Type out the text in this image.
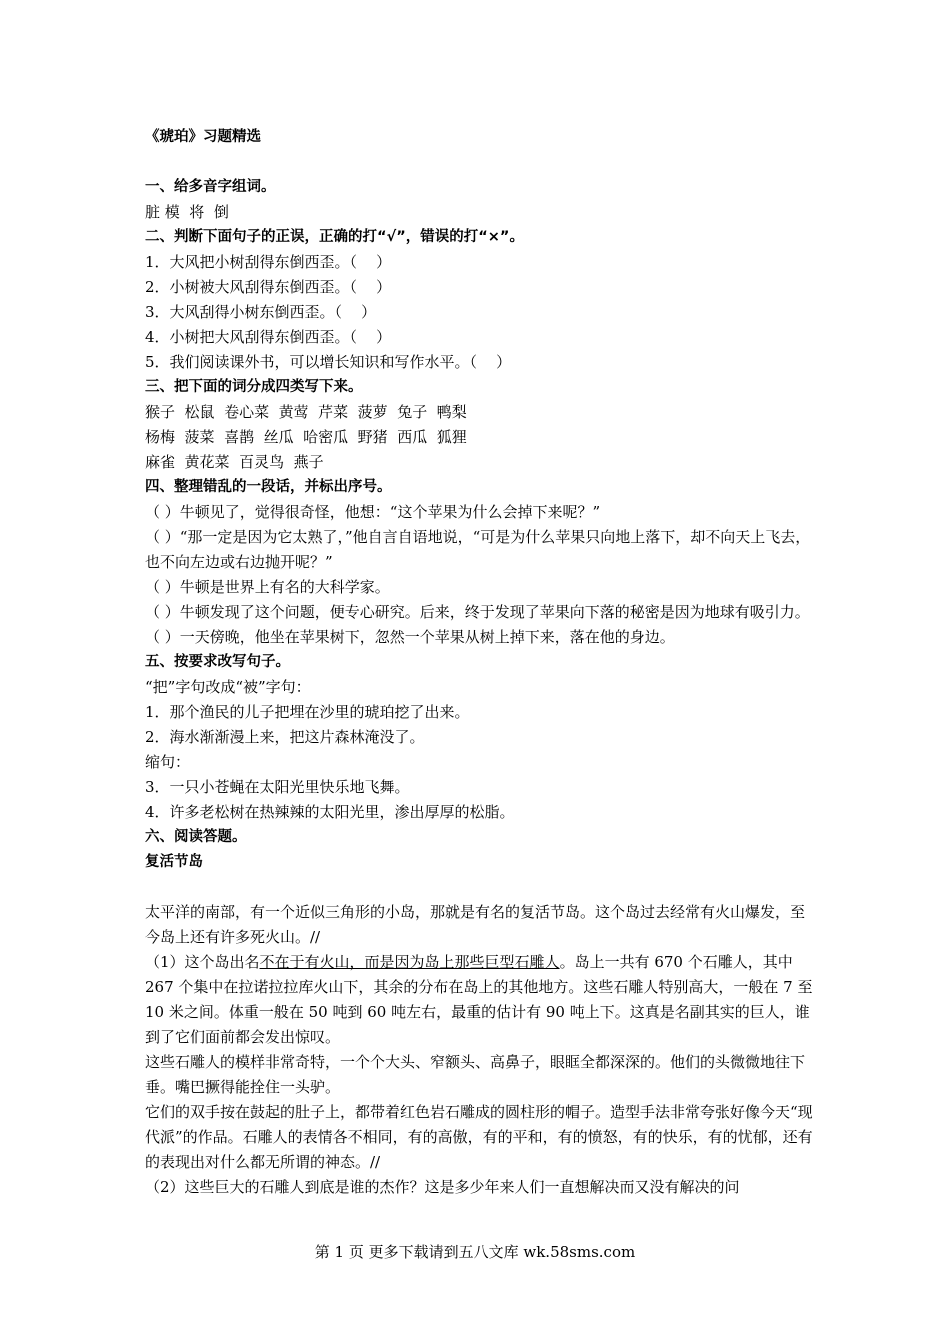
《琥珀》习题精选
一、给多音字组词。
脏 模  将  倒
二、判断下面句子的正误，正确的打“√”，错误的打“×”。
1．大风把小树刮得东倒西歪。（    ）
2．小树被大风刮得东倒西歪。（    ）
3．大风刮得小树东倒西歪。（    ）
4．小树把大风刮得东倒西歪。（    ）
5．我们阅读课外书，可以增长知识和写作水平。（    ）
三、把下面的词分成四类写下来。
猴子  松鼠  卷心菜  黄莺  芹菜  菠萝  兔子  鸭梨
杨梅  菠菜  喜鹊  丝瓜  哈密瓜  野猪  西瓜  狐狸
麻雀  黄花菜  百灵鸟  燕子
四、整理错乱的一段话，并标出序号。
（ ）牛顿见了，觉得很奇怪，他想：“这个苹果为什么会掉下来呢？”
（ ）“那一定是因为它太熟了，”他自言自语地说，“可是为什么苹果只向地上落下，却不向天上飞去，也不向左边或右边抛开呢？”
（ ）牛顿是世界上有名的大科学家。
（ ）牛顿发现了这个问题，便专心研究。后来，终于发现了苹果向下落的秘密是因为地球有吸引力。
（ ）一天傍晚，他坐在苹果树下，忽然一个苹果从树上掉下来，落在他的身边。
五、按要求改写句子。
“把”字句改成“被”字句：
1．那个渔民的儿子把埋在沙里的琥珀挖了出来。
2．海水渐渐漫上来，把这片森林淹没了。
缩句：
3．一只小苍蝇在太阳光里快乐地飞舞。
4．许多老松树在热辣辣的太阳光里，渗出厚厚的松脂。
六、阅读答题。
复活节岛
太平洋的南部，有一个近似三角形的小岛，那就是有名的复活节岛。这个岛过去经常有火山爆发，至今岛上还有许多死火山。//
（1）这个岛出名不在于有火山，而是因为岛上那些巨型石雕人。岛上一共有 670 个石雕人，其中 267 个集中在拉诺拉拉库火山下，其余的分布在岛上的其他地方。这些石雕人特别高大，一般在 7 至 10 米之间。体重一般在 50 吨到 60 吨左右，最重的估计有 90 吨上下。这真是名副其实的巨人，谁到了它们面前都会发出惊叹。
这些石雕人的模样非常奇特，一个个大头、窄额头、高鼻子，眼眶全都深深的。他们的头微微地往下垂。嘴巴撅得能拴住一头驴。
它们的双手按在鼓起的肚子上，都带着红色岩石雕成的圆柱形的帽子。造型手法非常夸张好像今天“现代派”的作品。石雕人的表情各不相同，有的高傲，有的平和，有的愤怒，有的快乐，有的忧郁，还有的表现出对什么都无所谓的神态。//
（2）这些巨大的石雕人到底是谁的杰作？这是多少年来人们一直想解决而又没有解决的问
第 1 页 更多下载请到五八文库 wk.58sms.com
